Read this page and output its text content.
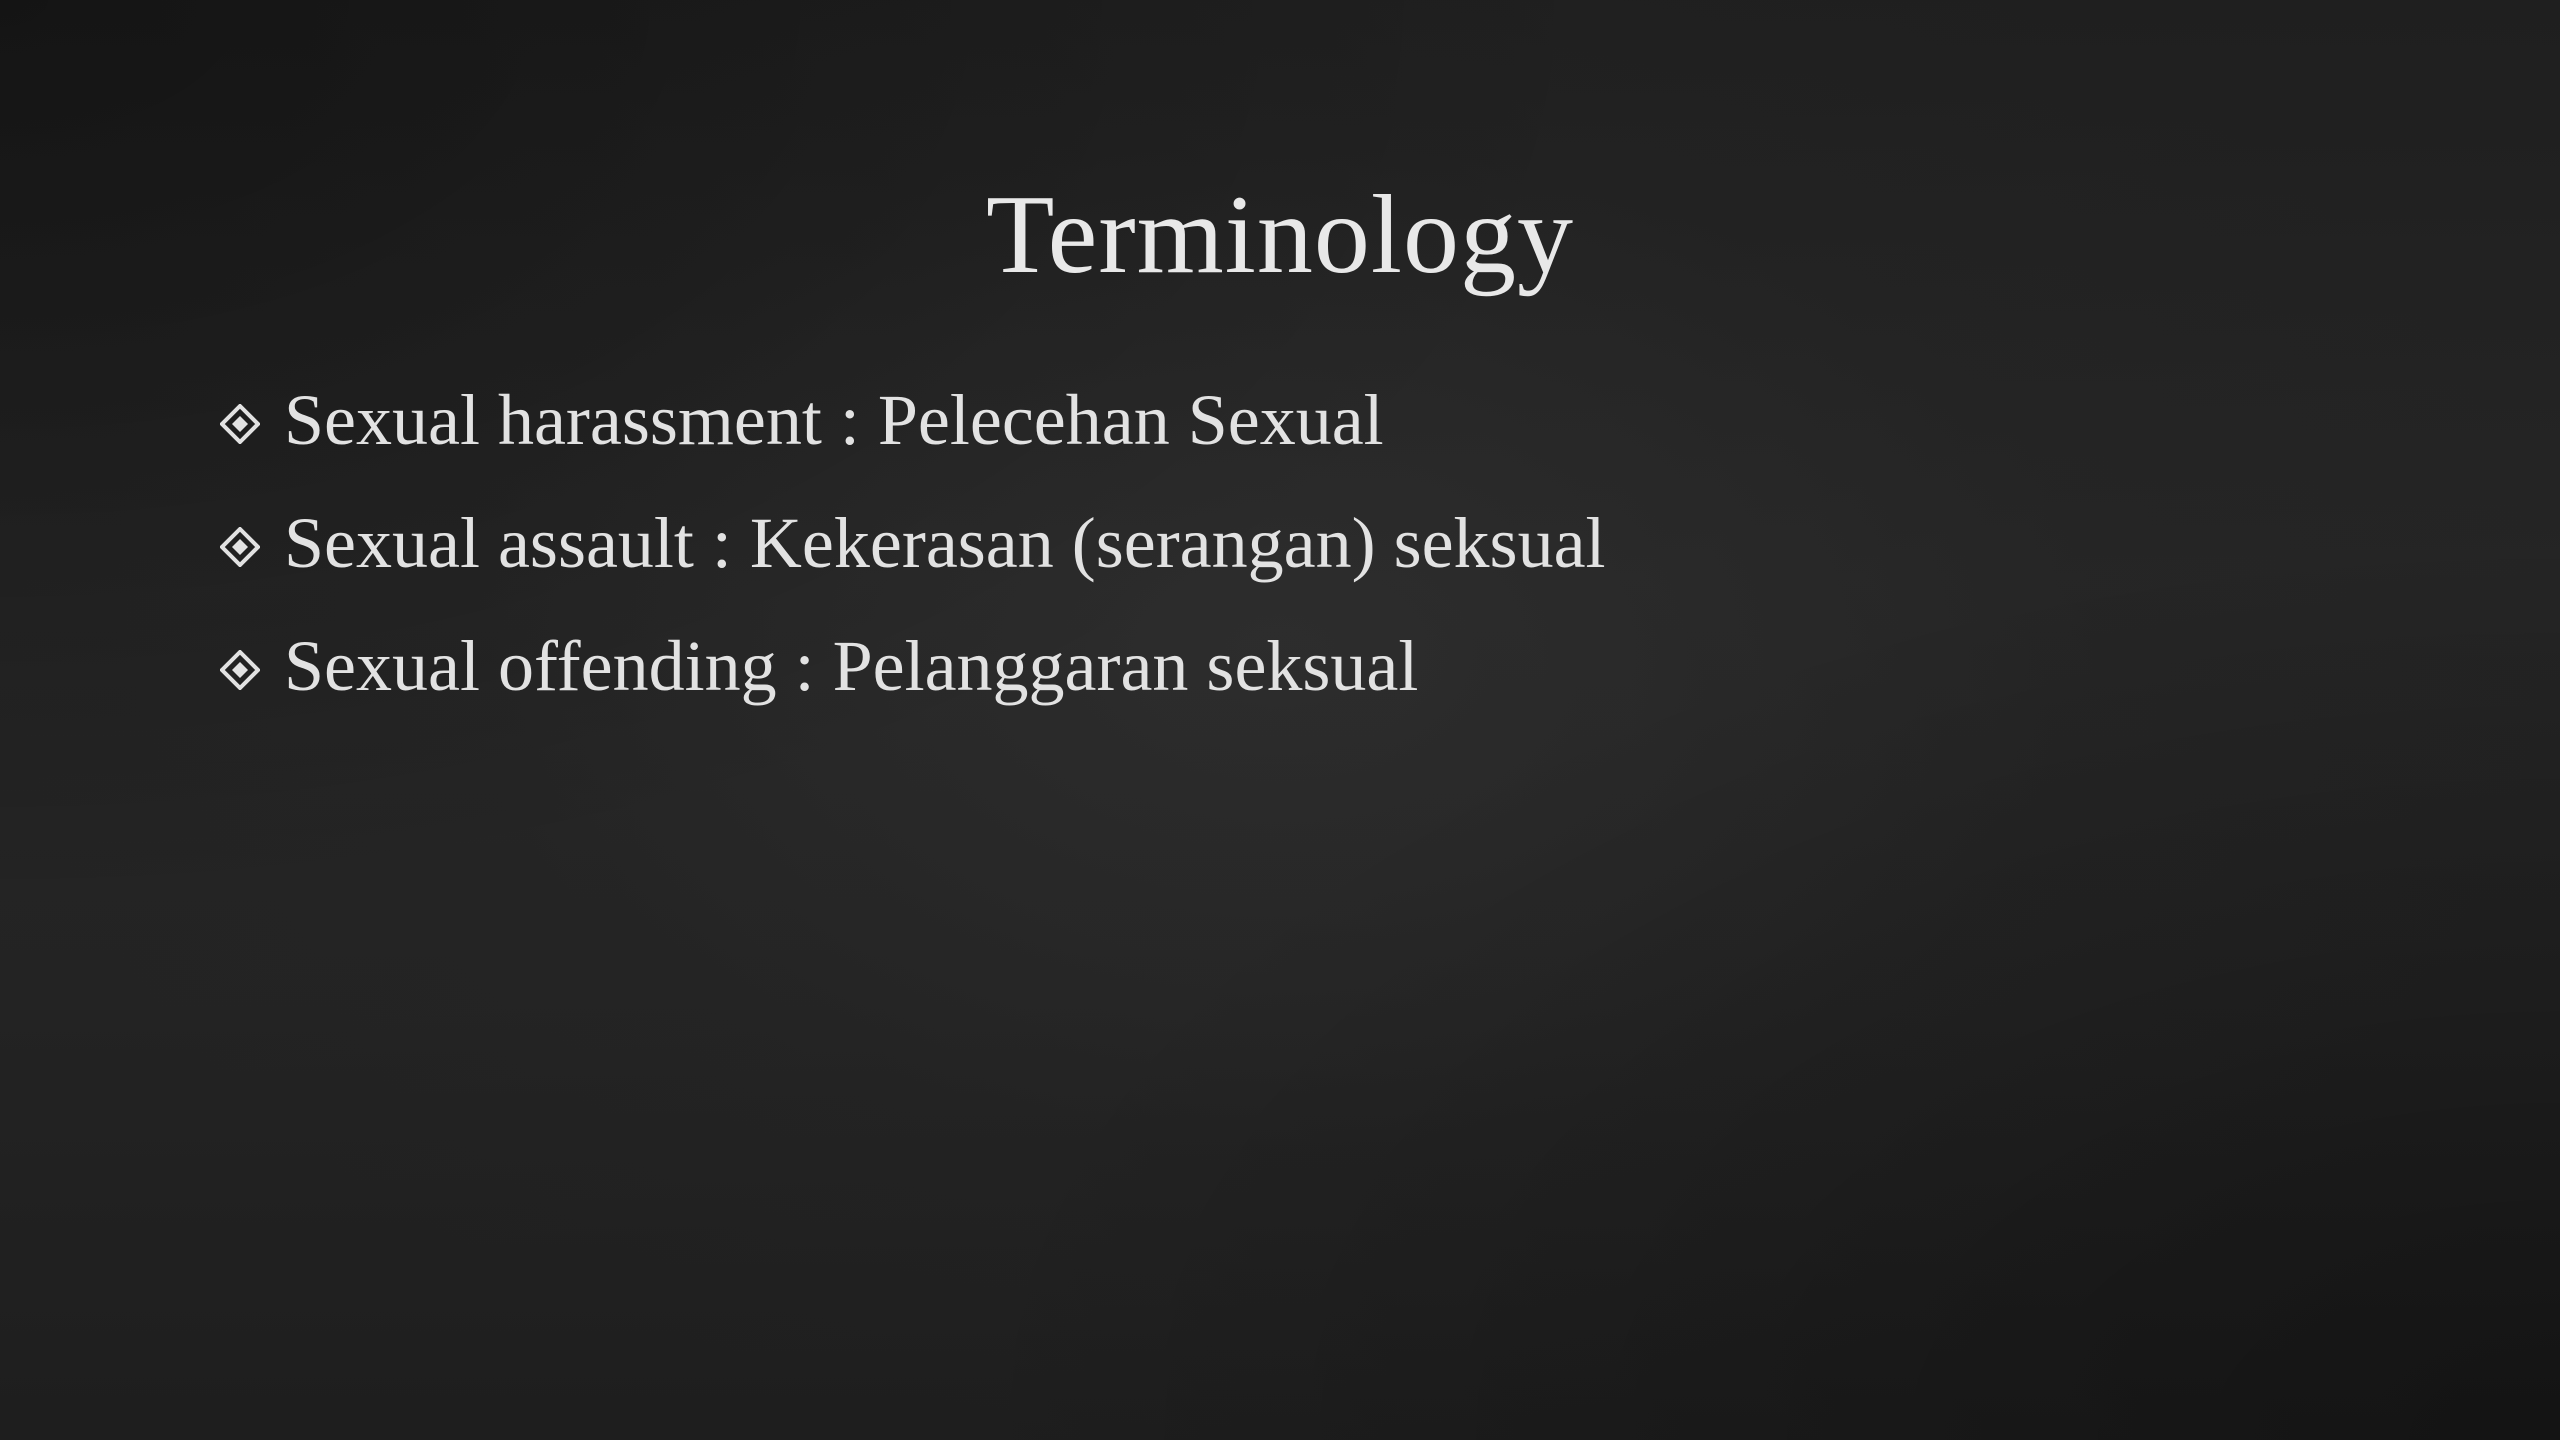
Terminology
Sexual harassment : Pelecehan Sexual
Sexual assault : Kekerasan (serangan) seksual
Sexual offending : Pelanggaran seksual
